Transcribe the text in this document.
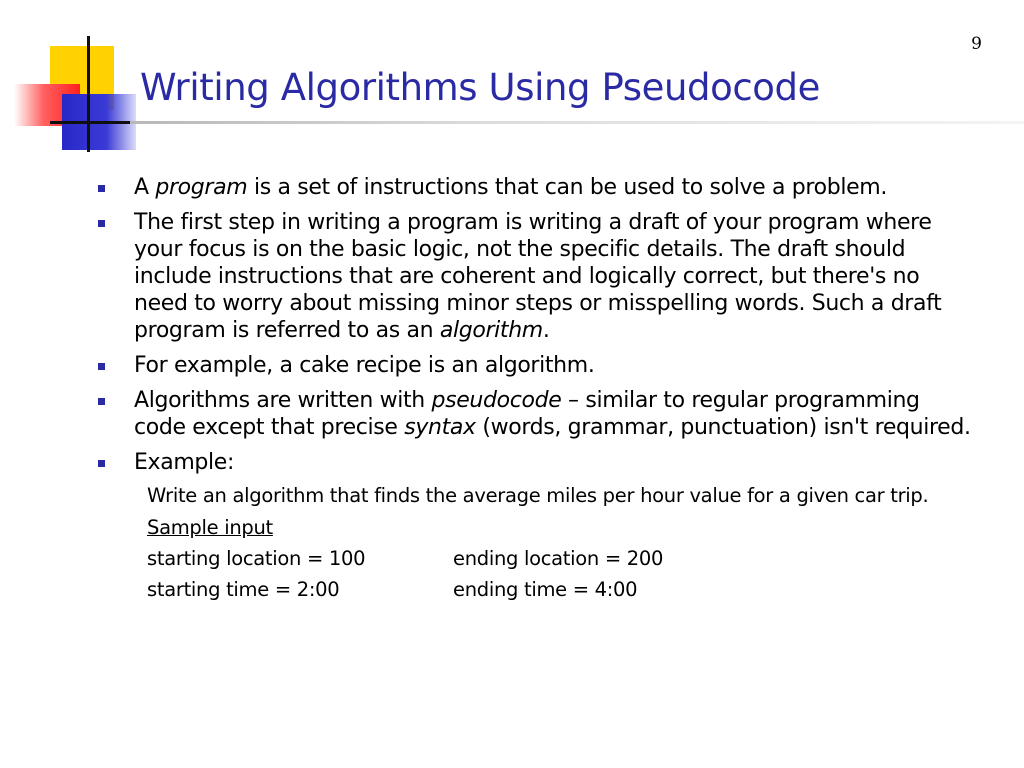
9
Writing Algorithms Using Pseudocode
A program is a set of instructions that can be used to solve a problem.
The first step in writing a program is writing a draft of your program where your focus is on the basic logic, not the specific details. The draft should include instructions that are coherent and logically correct, but there's no need to worry about missing minor steps or misspelling words. Such a draft program is referred to as an algorithm.
For example, a cake recipe is an algorithm.
Algorithms are written with pseudocode – similar to regular programming code except that precise syntax (words, grammar, punctuation) isn't required.
Example:
Write an algorithm that finds the average miles per hour value for a given car trip.
Sample input
starting location = 100	ending location = 200
starting time = 2:00	ending time = 4:00
